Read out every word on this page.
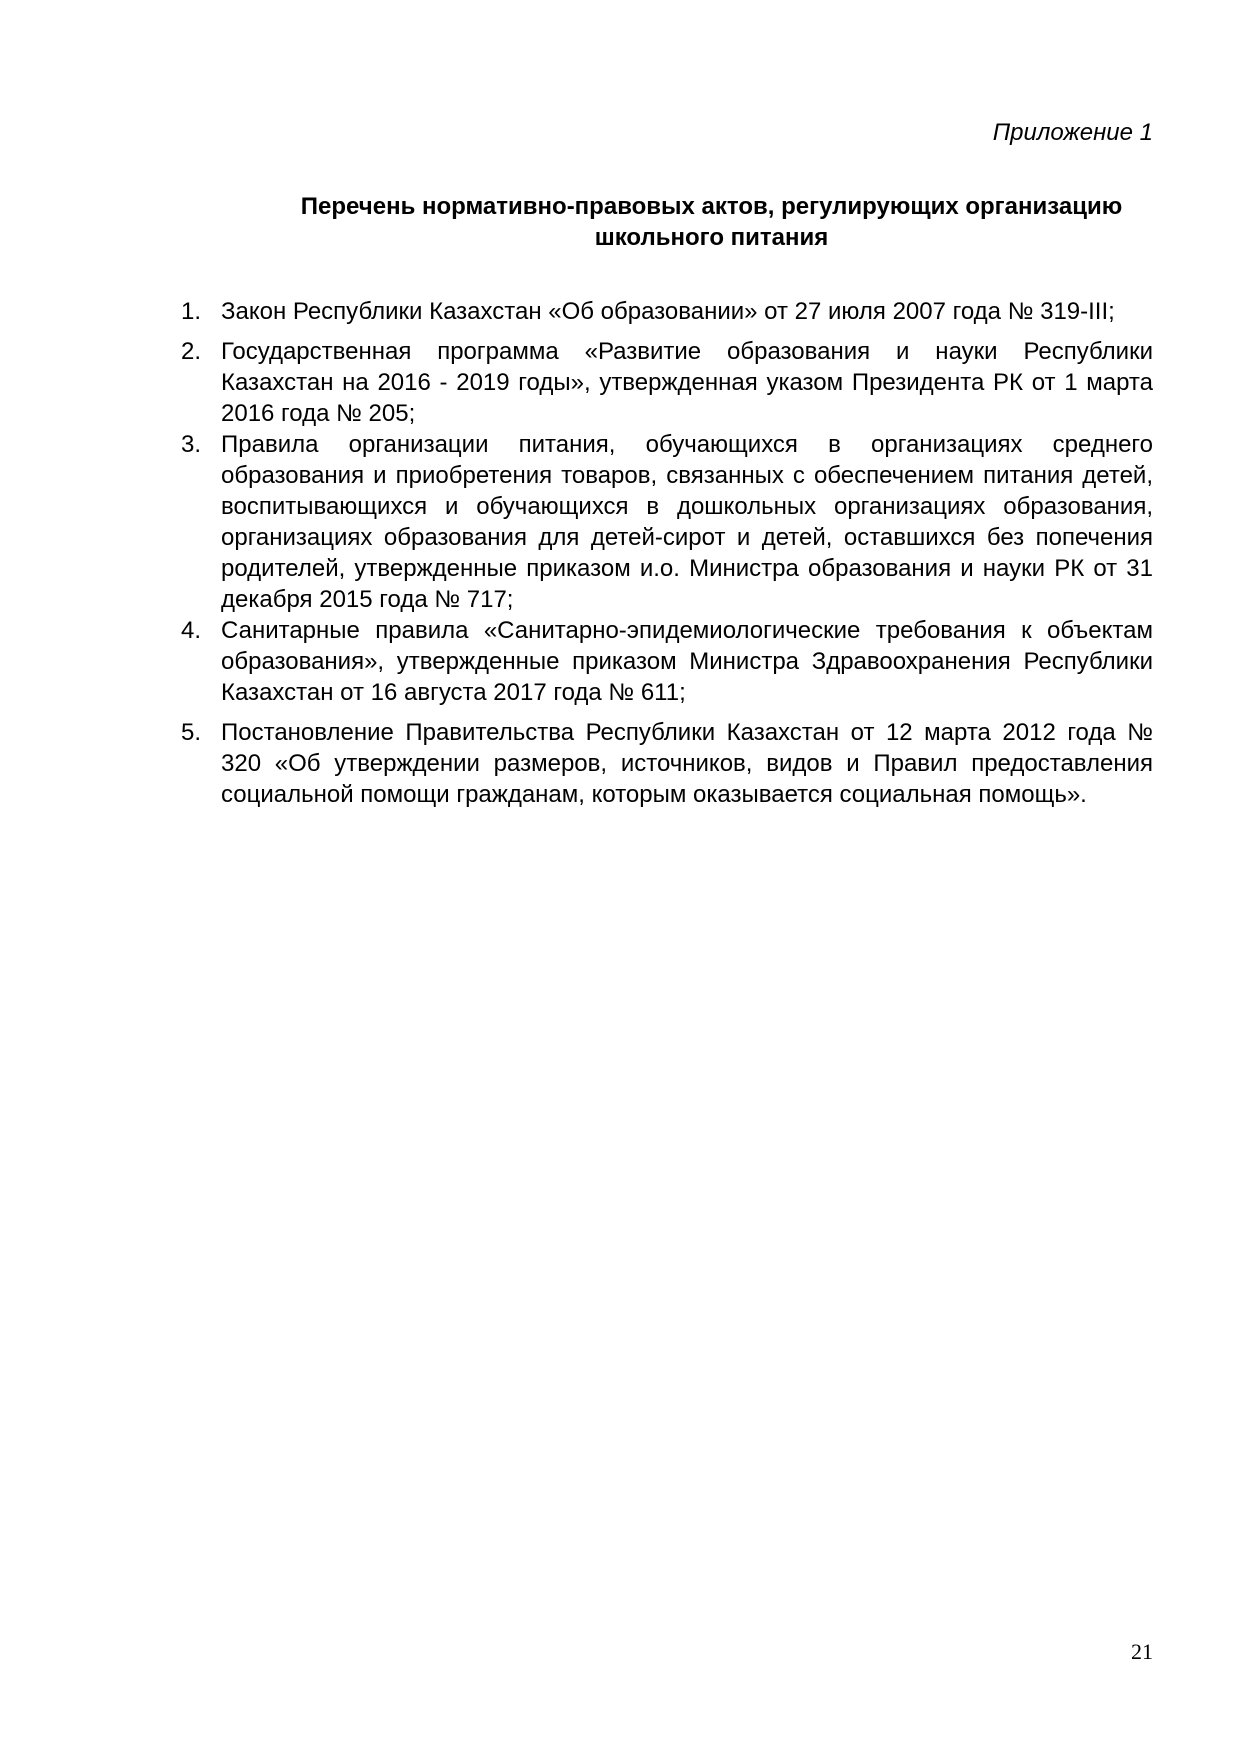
Приложение 1
Перечень нормативно-правовых актов, регулирующих организацию
школьного питания
1. Закон Республики Казахстан «Об образовании» от 27 июля 2007 года № 319-III;
2. Государственная программа «Развитие образования и науки Республики Казахстан на 2016 - 2019 годы», утвержденная указом Президента РК от 1 марта 2016 года № 205;
3. Правила организации питания, обучающихся в организациях среднего образования и приобретения товаров, связанных с обеспечением питания детей, воспитывающихся и обучающихся в дошкольных организациях образования, организациях образования для детей-сирот и детей, оставшихся без попечения родителей, утвержденные приказом и.о. Министра образования и науки РК от 31 декабря 2015 года № 717;
4. Санитарные правила «Санитарно-эпидемиологические требования к объектам образования», утвержденные приказом Министра Здравоохранения Республики Казахстан от 16 августа 2017 года № 611;
5. Постановление Правительства Республики Казахстан от 12 марта 2012 года № 320 «Об утверждении размеров, источников, видов и Правил предоставления социальной помощи гражданам, которым оказывается социальная помощь».
21
